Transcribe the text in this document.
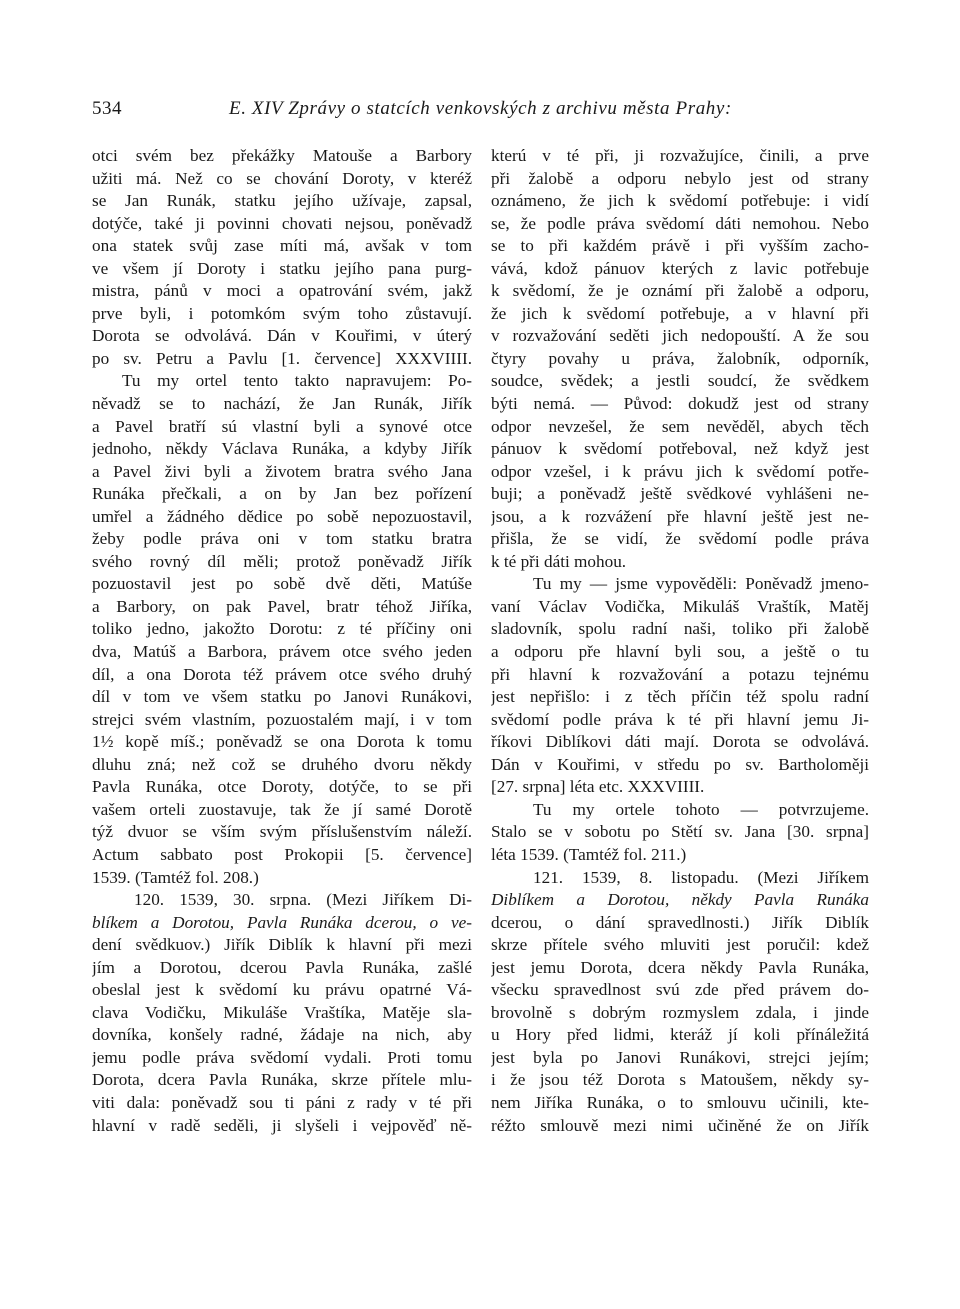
534	E. XIV Zprávy o statcích venkovských z archivu města Prahy:
otci svém bez překážky Matouše a Barbory
užiti má. Než co se chování Doroty, v kteréž
se Jan Runák, statku jejího užívaje, zapsal,
dotýče, také ji povinni chovati nejsou, poněvadž
ona statek svůj zase míti má, avšak v tom
ve všem jí Doroty i statku jejího pana purg-
mistra, pánů v moci a opatrování svém, jakž
prve byli, i potomkóm svým toho zůstavují.
Dorota se odvolává. Dán v Kouřimi, v úterý
po sv. Petru a Pavlu [1. července] XXXVIIII.
Tu my ortel tento takto napravujem: Po-
něvadž se to nachází, že Jan Runák, Jiřík
a Pavel bratří sú vlastní byli a synové otce
jednoho, někdy Václava Runáka, a kdyby Jiřík
a Pavel živi byli a životem bratra svého Jana
Runáka přečkali, a on by Jan bez pořízení
umřel a žádného dědice po sobě nepozuostavil,
žeby podle práva oni v tom statku bratra
svého rovný díl měli; protož poněvadž Jiřík
pozuostavil jest po sobě dvě děti, Matúše
a Barbory, on pak Pavel, bratr téhož Jiříka,
toliko jedno, jakožto Dorotu: z té příčiny oni
dva, Matúš a Barbora, právem otce svého jeden
díl, a ona Dorota též právem otce svého druhý
díl v tom ve všem statku po Janovi Runákovi,
strejci svém vlastním, pozuostalém mají, i v tom
1½ kopě míš.; poněvadž se ona Dorota k tomu
dluhu zná; než což se druhého dvoru někdy
Pavla Runáka, otce Doroty, dotýče, to se při
vašem orteli zuostavuje, tak že jí samé Dorotě
týž dvuor se vším svým příslušenstvím náleží.
Actum sabbato post Prokopii [5. července]
1539. (Tamtéž fol. 208.)
120. 1539, 30. srpna. (Mezi Jiříkem Di-
blíkem a Dorotou, Pavla Runáka dcerou, o ve-
dení svědkuov.) Jiřík Diblík k hlavní při mezi
jím a Dorotou, dcerou Pavla Runáka, zašlé
obeslal jest k svědomí ku právu opatrné Vá-
clava Vodičku, Mikuláše Vraštíka, Matěje sla-
dovníka, konšely radné, žádaje na nich, aby
jemu podle práva svědomí vydali. Proti tomu
Dorota, dcera Pavla Runáka, skrze přítele mlu-
viti dala: poněvadž sou ti páni z rady v té při
hlavní v radě seděli, ji slyšeli i vejpověď ně-
kterú v té při, ji rozvažujíce, činili, a prve
při žalobě a odporu nebylo jest od strany
oznámeno, že jich k svědomí potřebuje: i vidí
se, že podle práva svědomí dáti nemohou. Nebo
se to při každém právě i při vyšším zacho-
vává, kdož pánuov kterých z lavic potřebuje
k svědomí, že je oznámí při žalobě a odporu,
že jich k svědomí potřebuje, a v hlavní při
v rozvažování seděti jich nedopouští. A že sou
čtyry povahy u práva, žalobník, odporník,
soudce, svědek; a jestli soudcí, že svědkem
býti nemá. — Původ: dokudž jest od strany
odpor nevzešel, že sem nevěděl, abych těch
pánuov k svědomí potřeboval, než když jest
odpor vzešel, i k právu jich k svědomí potře-
buji; a poněvadž ještě svědkové vyhlášeni ne-
jsou, a k rozvážení pře hlavní ještě jest ne-
přišla, že se vidí, že svědomí podle práva
k té při dáti mohou.
Tu my — jsme vypověděli: Poněvadž jmeno-
vaní Václav Vodička, Mikuláš Vraštík, Matěj
sladovník, spolu radní naši, toliko při žalobě
a odporu pře hlavní byli sou, a ještě o tu
při hlavní k rozvažování a potazu tejnému
jest nepřišlo: i z těch příčin též spolu radní
svědomí podle práva k té při hlavní jemu Ji-
říkovi Diblíkovi dáti mají. Dorota se odvolává.
Dán v Kouřimi, v středu po sv. Bartholoměji
[27. srpna] léta etc. XXXVIIII.
Tu my ortele tohoto — potvrzujeme.
Stalo se v sobotu po Stětí sv. Jana [30. srpna]
léta 1539. (Tamtéž fol. 211.)
121. 1539, 8. listopadu. (Mezi Jiříkem
Diblíkem a Dorotou, někdy Pavla Runáka
dcerou, o dání spravedlnosti.) Jiřík Diblík
skrze přítele svého mluviti jest poručil: kdež
jest jemu Dorota, dcera někdy Pavla Runáka,
všecku spravedlnost svú zde před právem do-
brovolně s dobrým rozmyslem zdala, i jinde
u Hory před lidmi, kteráž jí koli přínáležitá
jest byla po Janovi Runákovi, strejci jejím;
i že jsou též Dorota s Matoušem, někdy sy-
nem Jiříka Runáka, o to smlouvu učinili, kte-
réžto smlouvě mezi nimi učiněné že on Jiřík
